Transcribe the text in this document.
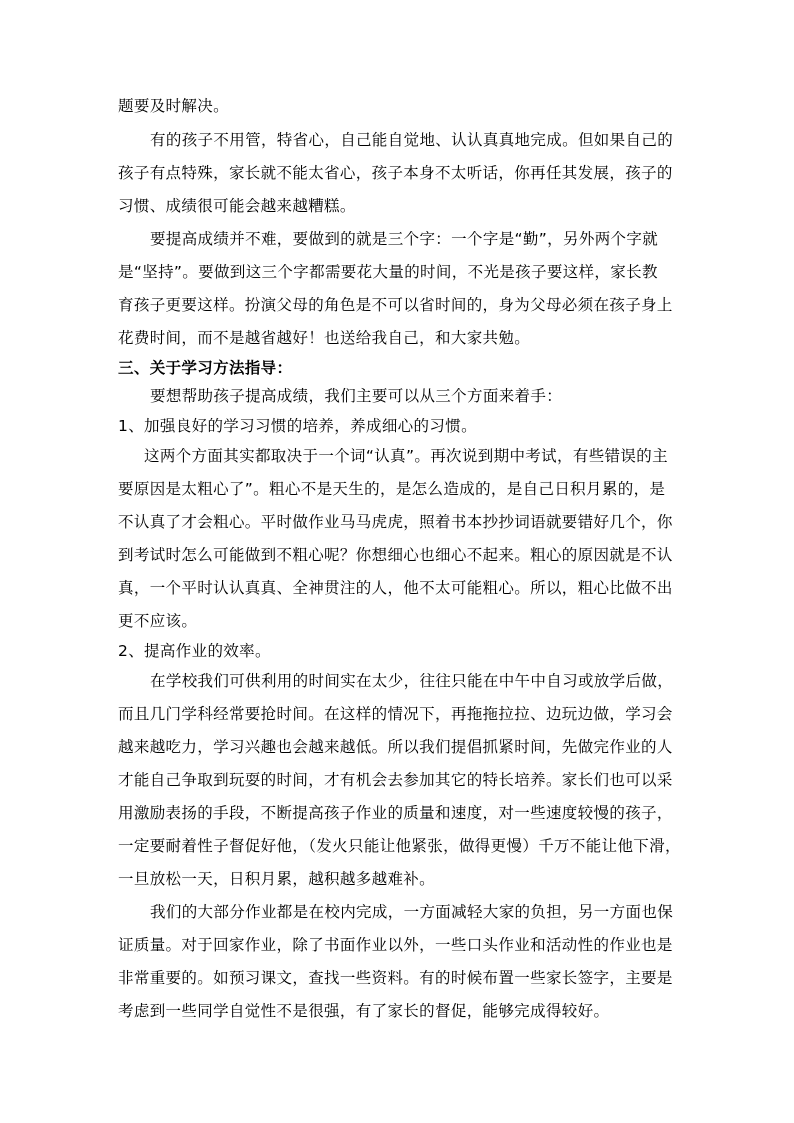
题要及时解决。
有的孩子不用管，特省心，自己能自觉地、认认真真地完成。但如果自己的
孩子有点特殊，家长就不能太省心，孩子本身不太听话，你再任其发展，孩子的
习惯、成绩很可能会越来越糟糕。
要提高成绩并不难，要做到的就是三个字：一个字是“勤”，另外两个字就
是“坚持”。要做到这三个字都需要花大量的时间，不光是孩子要这样，家长教
育孩子更要这样。扮演父母的角色是不可以省时间的，身为父母必须在孩子身上
花费时间，而不是越省越好！也送给我自己，和大家共勉。
三、关于学习方法指导：
要想帮助孩子提高成绩，我们主要可以从三个方面来着手：
1、加强良好的学习习惯的培养，养成细心的习惯。
这两个方面其实都取决于一个词“认真”。再次说到期中考试，有些错误的主
要原因是太粗心了”。粗心不是天生的，是怎么造成的，是自己日积月累的，是
不认真了才会粗心。平时做作业马马虎虎，照着书本抄抄词语就要错好几个，你
到考试时怎么可能做到不粗心呢？你想细心也细心不起来。粗心的原因就是不认
真，一个平时认认真真、全神贯注的人，他不太可能粗心。所以，粗心比做不出
更不应该。
2、提高作业的效率。
在学校我们可供利用的时间实在太少，往往只能在中午中自习或放学后做，
而且几门学科经常要抢时间。在这样的情况下，再拖拖拉拉、边玩边做，学习会
越来越吃力，学习兴趣也会越来越低。所以我们提倡抓紧时间，先做完作业的人
才能自己争取到玩耍的时间，才有机会去参加其它的特长培养。家长们也可以采
用激励表扬的手段，不断提高孩子作业的质量和速度，对一些速度较慢的孩子，
一定要耐着性子督促好他，（发火只能让他紧张，做得更慢）千万不能让他下滑，
一旦放松一天，日积月累，越积越多越难补。
我们的大部分作业都是在校内完成，一方面减轻大家的负担，另一方面也保
证质量。对于回家作业，除了书面作业以外，一些口头作业和活动性的作业也是
非常重要的。如预习课文，查找一些资料。有的时候布置一些家长签字，主要是
考虑到一些同学自觉性不是很强，有了家长的督促，能够完成得较好。
